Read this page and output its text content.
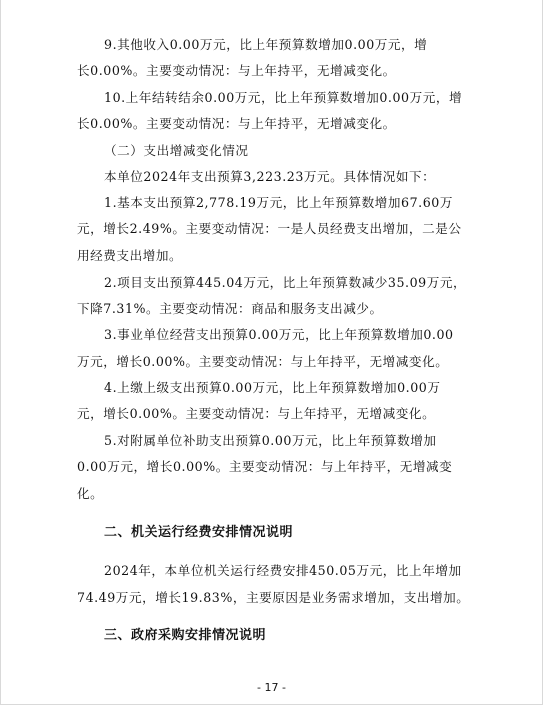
9.其他收入0.00万元，比上年预算数增加0.00万元，增
长0.00%。主要变动情况：与上年持平，无增减变化。
10.上年结转结余0.00万元，比上年预算数增加0.00万元，增
长0.00%。主要变动情况：与上年持平，无增减变化。
（二）支出增减变化情况
本单位2024年支出预算3,223.23万元。具体情况如下：
1.基本支出预算2,778.19万元，比上年预算数增加67.60万
元，增长2.49%。主要变动情况：一是人员经费支出增加，二是公
用经费支出增加。
2.项目支出预算445.04万元，比上年预算数减少35.09万元，
下降7.31%。主要变动情况：商品和服务支出减少。
3.事业单位经营支出预算0.00万元，比上年预算数增加0.00
万元，增长0.00%。主要变动情况：与上年持平，无增减变化。
4.上缴上级支出预算0.00万元，比上年预算数增加0.00万
元，增长0.00%。主要变动情况：与上年持平，无增减变化。
5.对附属单位补助支出预算0.00万元，比上年预算数增加
0.00万元，增长0.00%。主要变动情况：与上年持平，无增减变
化。
二、机关运行经费安排情况说明
2024年，本单位机关运行经费安排450.05万元，比上年增加
74.49万元，增长19.83%，主要原因是业务需求增加，支出增加。
三、政府采购安排情况说明
- 17 -
